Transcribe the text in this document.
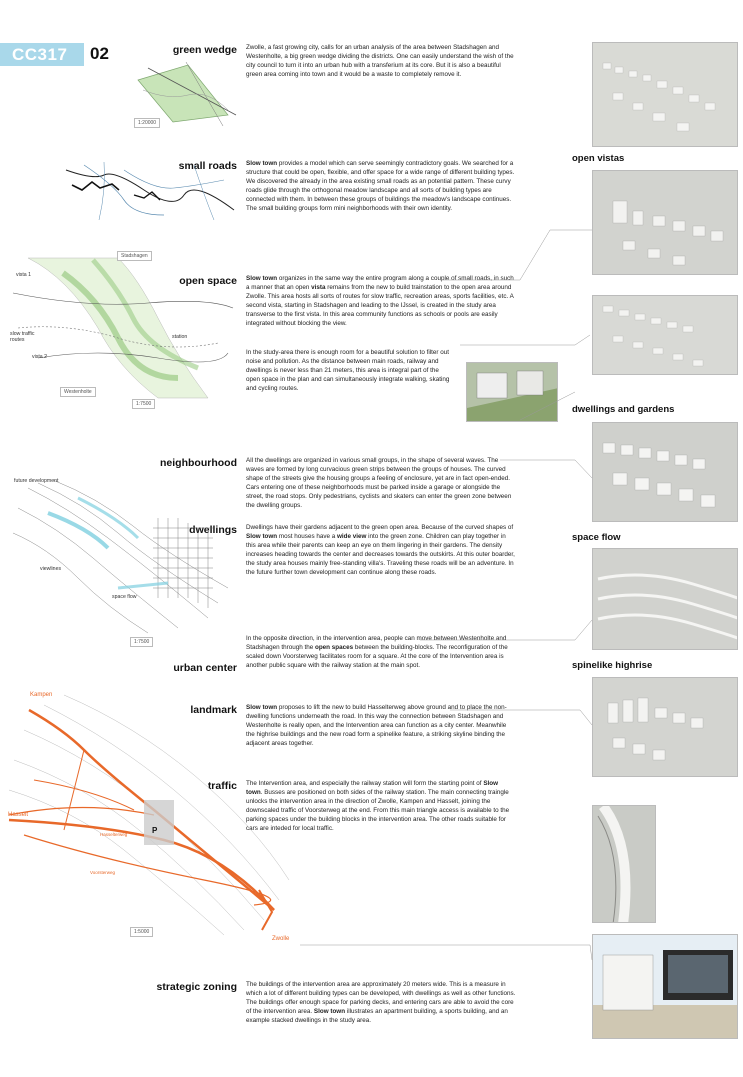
CC317	02	green wedge
small roads
open space
neighbourhood
dwellings
urban center
landmark
traffic
strategic zoning
Zwolle, a fast growing city, calls for an urban analysis of the area between Stadshagen and Westenholte, a big green wedge dividing the districts. One can easily understand the wish of the city council to turn it into an urban hub with a transferium at its core. But it is also a beautiful green area coming into town and it would be a waste to completely remove it.
Slow town provides a model which can serve seemingly contradictory goals. We searched for a structure that could be open, flexible, and offer space for a wide range of different building types. We discovered the already in the area existing small roads as an potential pattern. These curvy roads glide through the orthogonal meadow landscape and all sorts of building types are connected with them. In between these groups of buildings the meadow's landscape continues. The small building groups form mini neighborhoods with their own identity.
Slow town organizes in the same way the entire program along a couple of small roads, in such a manner that an open vista remains from the new to build trainstation to the open area around Zwolle. This area hosts all sorts of routes for slow traffic, recreation areas, sports facilities, etc. A second vista, starting in Stadshagen and leading to the IJssel, is created in the study area transverse to the first vista. In this area community functions as schools or pools are easily integrated without blocking the view.
In the study-area there is enough room for a beautiful solution to filter out noise and pollution. As the distance between main roads, railway and dwellings is never less than 21 meters, this area is integral part of the open space in the plan and can simultaneously integrate walking, skating and cycling routes.
All the dwellings are organized in various small groups, in the shape of several waves. The waves are formed by long curvacious green strips between the groups of houses. The curved shape of the streets give the housing groups a feeling of enclosure, yet are in fact open-ended. Cars entering one of these neighborhoods must be parked inside a garage or alongside the street, the road stops. Only pedestrians, cyclists and skaters can enter the green zone between the dwelling groups.
Dwellings have their gardens adjacent to the green open area. Because of the curved shapes of Slow town most houses have a wide view into the green zone. Children can play together in this area while their parents can keep an eye on them lingering in their gardens. The density increases heading towards the center and decreases towards the outskirts. At this outer boarder, the study area houses mainly free-standing villa's. Traveling these roads will be an adventure. In the future further town development can continue along these roads.
In the opposite direction, in the intervention area, people can move between Westenholte and Stadshagen through the open spaces between the building-blocks. The reconfiguration of the scaled down Voorsterweg facilitates room for a square. At the core of the Intervention area is another public square with the railway station at the main spot.
Slow town proposes to lift the new to build Hasselterweg above ground and to place the non-dwelling functions underneath the road. In this way the connection between Stadshagen and Westenholte is really open, and the Intervention area can function as a city center. Meanwhile the highrise buildings and the new road form a spinelike feature, a striking skyline binding the adjacent areas together.
The Intervention area, and especially the railway station will form the starting point of Slow town. Busses are positioned on both sides of the railway station. The main connecting traingle unlocks the intervention area in the direction of Zwolle, Kampen and Hasselt, joining the downscaled traffic of Voorsterweg at the end. From this main triangle access is available to the parking spaces under the building blocks in the intervention area. The other roads suitable for cars are inteded for local traffic.
The buildings of the intervention area are approximately 20 meters wide. This is a measure in which a lot of different building types can be developed, with dwellings as well as other functions. The buildings offer enough space for parking decks, and entering cars are able to avoid the core of the intervention area. Slow town illustrates an apartment building, a sports building, and an example stacked dwellings in the study area.
1:20000
Stadshagen
vista 1
slow traffic routes
vista 2
station
Westenholte
1:7500
future development
viewlines
space flow
1:7500
Kampen
Hasselt
Zwolle
P
Hasselterweg
Voorsterweg
1:5000
open vistas
dwellings and gardens
space flow
spinelike highrise
